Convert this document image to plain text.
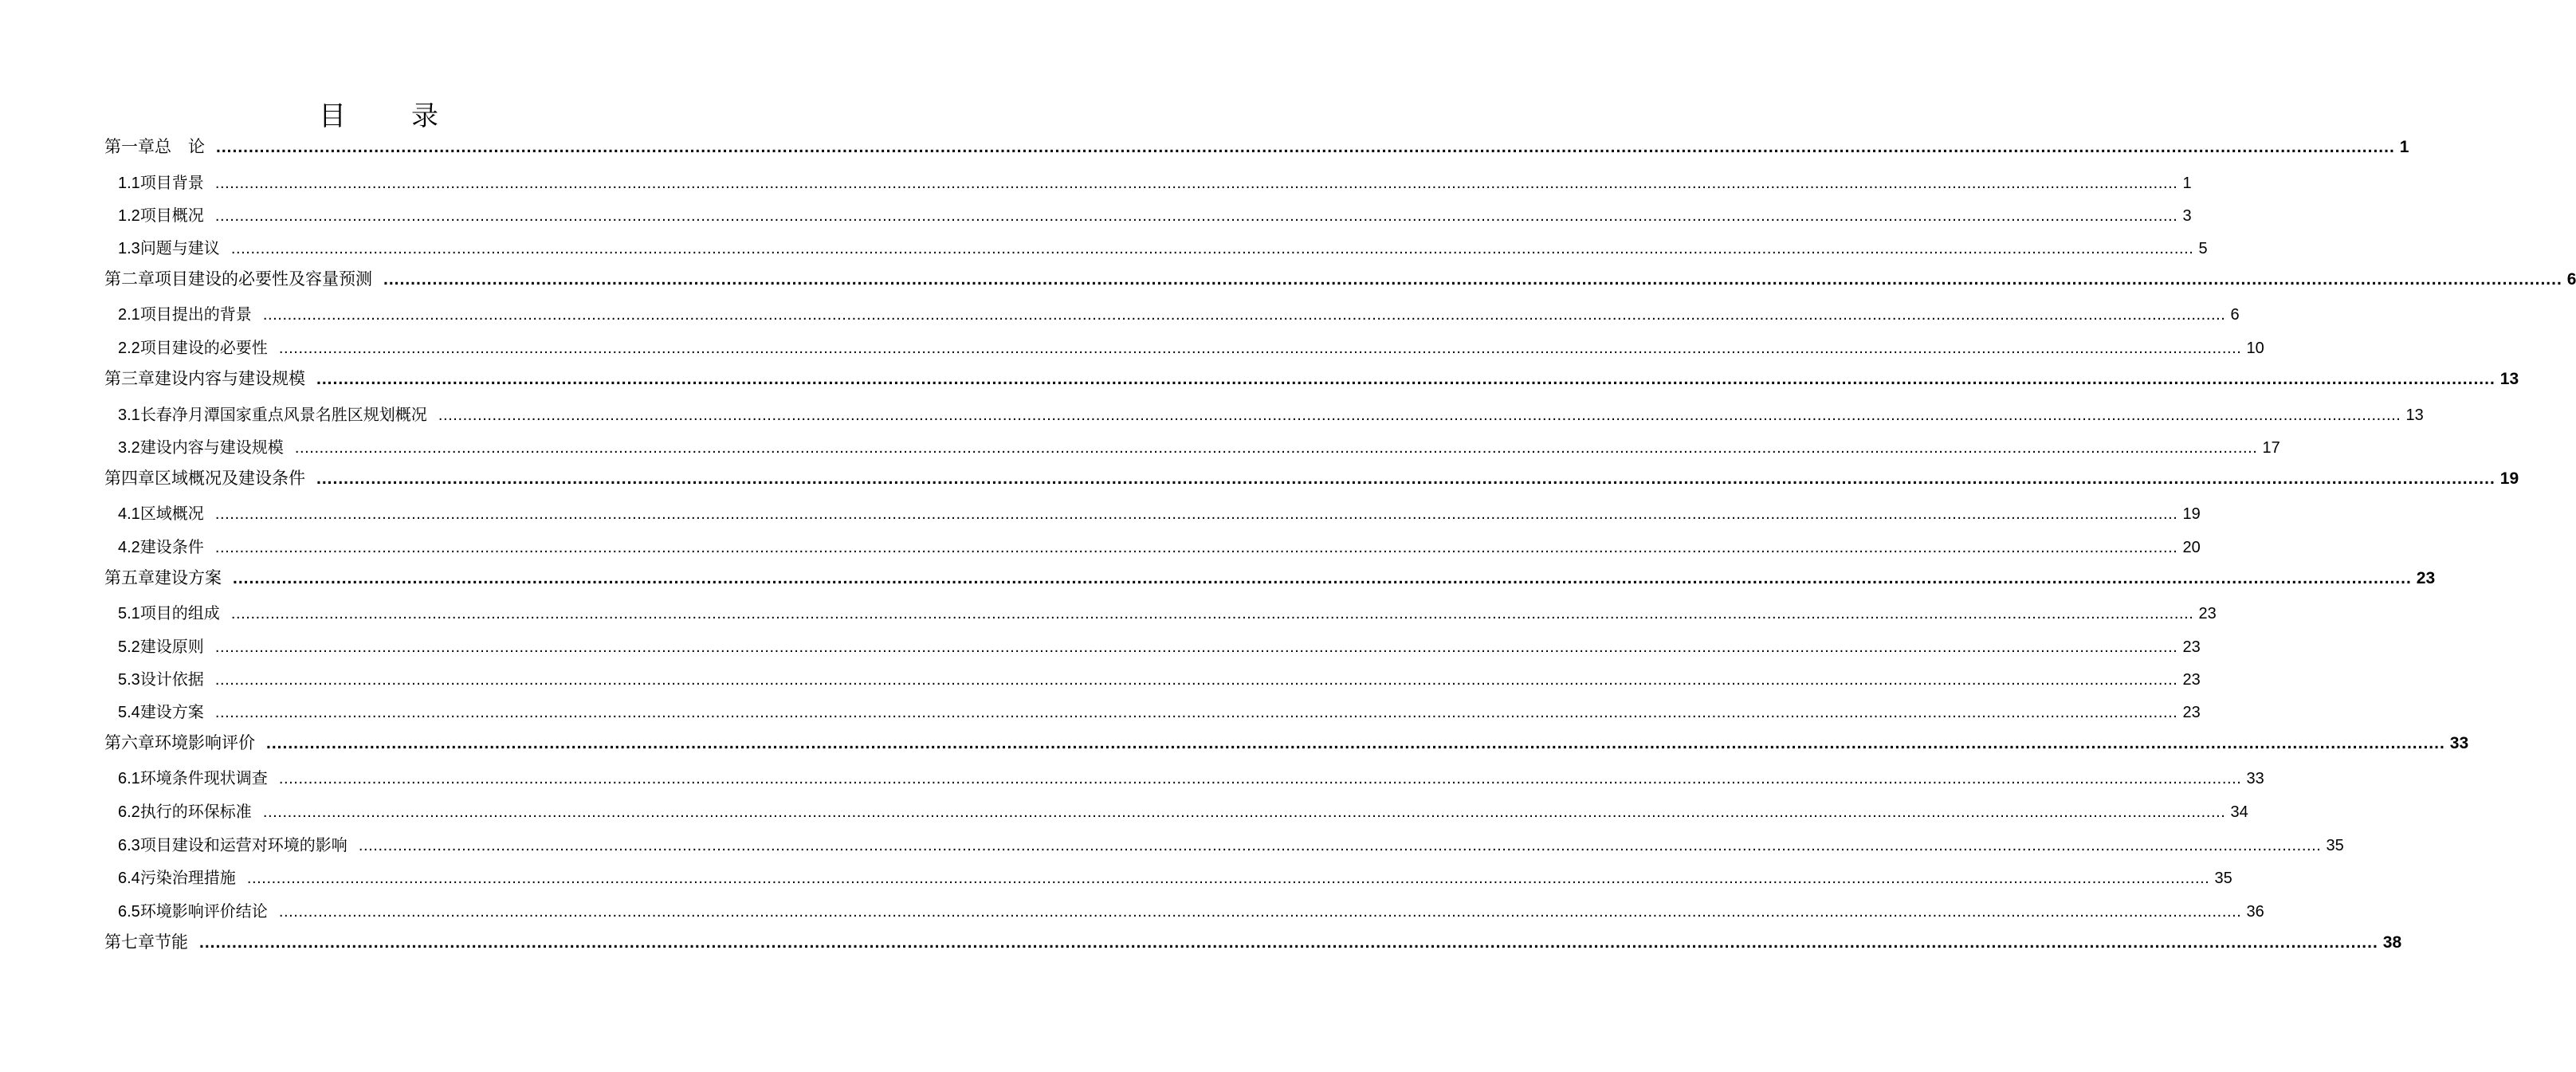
目录
第一章 总　论 ................................................................................................................................................................................................................................................................................................................................................................................................................ 1
1.1 项目背景 ................................................................................................................................................................................................................................................................................................................................................................................................................ 1
1.2 项目概况 ................................................................................................................................................................................................................................................................................................................................................................................................................ 3
1.3 问题与建议 ................................................................................................................................................................................................................................................................................................................................................................................................................ 5
第二章 项目建设的必要性及容量预测 ................................................................................................................................................................................................................................................................................................................................................................................................................ 6
2.1 项目提出的背景 ................................................................................................................................................................................................................................................................................................................................................................................................................ 6
2.2 项目建设的必要性 ................................................................................................................................................................................................................................................................................................................................................................................................................ 10
第三章 建设内容与建设规模 ................................................................................................................................................................................................................................................................................................................................................................................................................ 13
3.1 长春净月潭国家重点风景名胜区规划概况 ................................................................................................................................................................................................................................................................................................................................................................................................................ 13
3.2 建设内容与建设规模 ................................................................................................................................................................................................................................................................................................................................................................................................................ 17
第四章 区域概况及建设条件 ................................................................................................................................................................................................................................................................................................................................................................................................................ 19
4.1 区域概况 ................................................................................................................................................................................................................................................................................................................................................................................................................ 19
4.2 建设条件 ................................................................................................................................................................................................................................................................................................................................................................................................................ 20
第五章 建设方案 ................................................................................................................................................................................................................................................................................................................................................................................................................ 23
5.1 项目的组成 ................................................................................................................................................................................................................................................................................................................................................................................................................ 23
5.2 建设原则 ................................................................................................................................................................................................................................................................................................................................................................................................................ 23
5.3 设计依据 ................................................................................................................................................................................................................................................................................................................................................................................................................ 23
5.4 建设方案 ................................................................................................................................................................................................................................................................................................................................................................................................................ 23
第六章 环境影响评价 ................................................................................................................................................................................................................................................................................................................................................................................................................ 33
6.1 环境条件现状调查 ................................................................................................................................................................................................................................................................................................................................................................................................................ 33
6.2 执行的环保标准 ................................................................................................................................................................................................................................................................................................................................................................................................................ 34
6.3 项目建设和运营对环境的影响 ................................................................................................................................................................................................................................................................................................................................................................................................................ 35
6.4 污染治理措施 ................................................................................................................................................................................................................................................................................................................................................................................................................ 35
6.5 环境影响评价结论 ................................................................................................................................................................................................................................................................................................................................................................................................................ 36
第七章 节能 ................................................................................................................................................................................................................................................................................................................................................................................................................ 38
